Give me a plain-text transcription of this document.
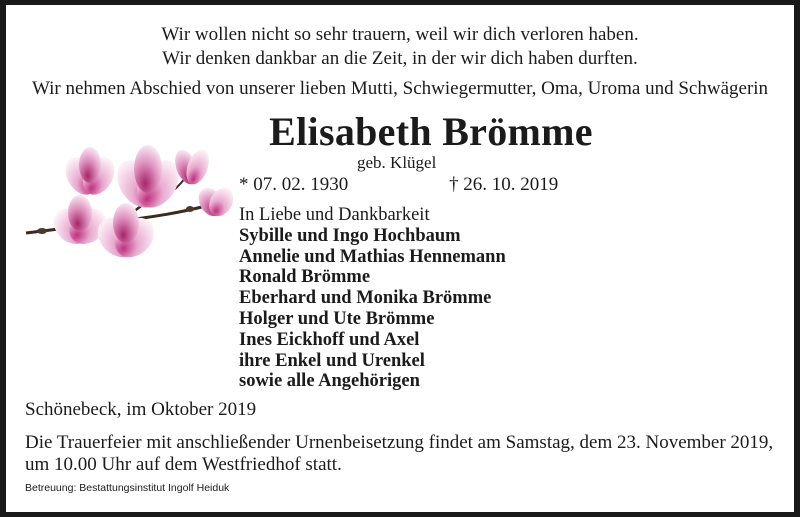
Wir wollen nicht so sehr trauern, weil wir dich verloren haben.
Wir denken dankbar an die Zeit, in der wir dich haben durften.
Wir nehmen Abschied von unserer lieben Mutti, Schwiegermutter, Oma, Uroma und Schwägerin
Elisabeth Brömme
geb. Klügel
* 07. 02. 1930	† 26. 10. 2019
In Liebe und Dankbarkeit
Sybille und Ingo Hochbaum
Annelie und Mathias Hennemann
Ronald Brömme
Eberhard und Monika Brömme
Holger und Ute Brömme
Ines Eickhoff und Axel
ihre Enkel und Urenkel
sowie alle Angehörigen
Schönebeck, im Oktober 2019
Die Trauerfeier mit anschließender Urnenbeisetzung findet am Samstag, dem 23. November 2019,
um 10.00 Uhr auf dem Westfriedhof statt.
Betreuung: Bestattungsinstitut Ingolf Heiduk
